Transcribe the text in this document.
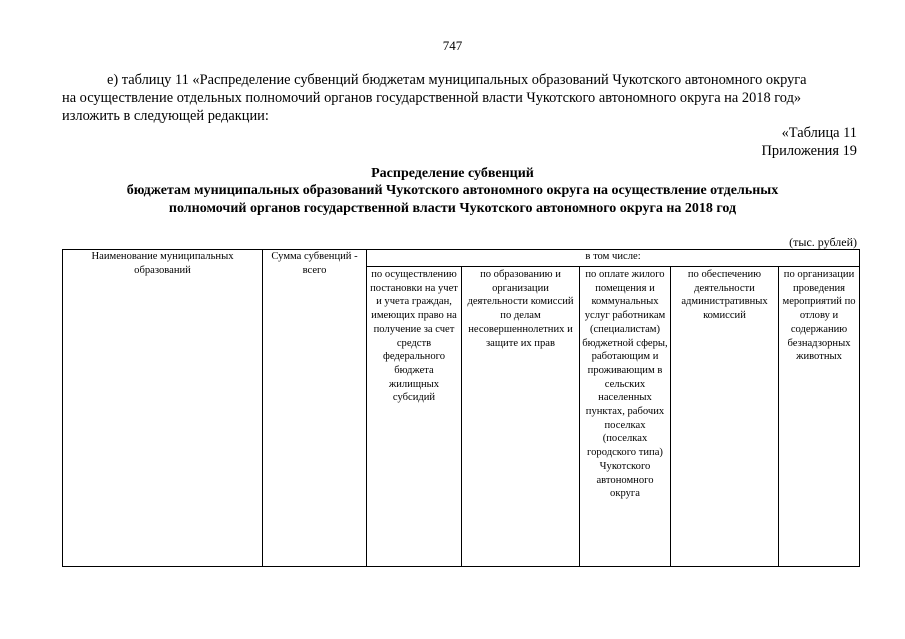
747
е) таблицу 11 «Распределение субвенций бюджетам муниципальных образований Чукотского автономного округа
на осуществление отдельных полномочий органов государственной власти Чукотского автономного округа на 2018 год»
изложить в следующей редакции:
«Таблица 11
Приложения 19
Распределение субвенций
бюджетам муниципальных образований Чукотского автономного округа на осуществление отдельных
полномочий органов государственной власти Чукотского автономного округа на 2018 год
(тыс. рублей)
Наименование муниципальных образований	Сумма субвенций - всего	в том числе:				
		по осуществлению постановки на учет и учета граждан, имеющих право на получение за счет средств федерального бюджета жилищных субсидий	по образованию и организации деятельности комиссий по делам несовершеннолетних и защите их прав	по оплате жилого помещения и коммунальных услуг работникам (специалистам) бюджетной сферы, работающим и проживающим в сельских населенных пунктах, рабочих поселках (поселках городского типа) Чукотского автономного округа	по обеспечению деятельности административных комиссий	по организации проведения мероприятий по отлову и содержанию безнадзорных животных
